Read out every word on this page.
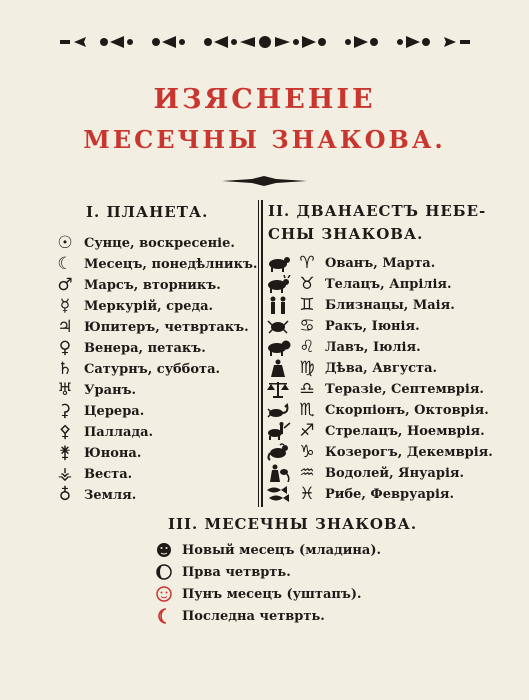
ИЗЯСНЕНІЕ
МЕСЕЧНЫ ЗНАКОВА.
I. ПЛАНЕТА.	II. ДВАНАЕСТЪ НЕБЕ-
СНЫ ЗНАКОВА.
☉ Сунце, воскресеніе.
☾ Месецъ, понедѣлникъ.
♂ Марсъ, вторникъ.
☿	Меркурій, среда.
♃ Юпитеръ, четвртакъ.
♀ Венера, петакъ.
♄ Сатурнъ, суббота.
♅ Уранъ.
⚳ Церера.
⚴ Паллада.
⚵ Юнона.
⚶ Веста.
♁ Земля.
♈ Ованъ, Марта.
♉ Телацъ, Апрілія.
♊ Близнацы, Маія.
♋ Ракъ, Іюнія.
♌ Лавъ, Іюлія.
♍ Дѣва, Августа.
♎ Теразіе, Септемврія.
♏ Скорпіонъ, Октоврія.
♐ Стрелацъ, Ноемврія.
♑ Козерогъ, Декемврія.
♒ Водолей, Януарія.
♓ Рибе, Февруарія.
III. МЕСЕЧНЫ ЗНАКОВА.
Новый месецъ (младина).
Прва четврть.
Пунъ месецъ (уштапъ).
Последна четврть.
